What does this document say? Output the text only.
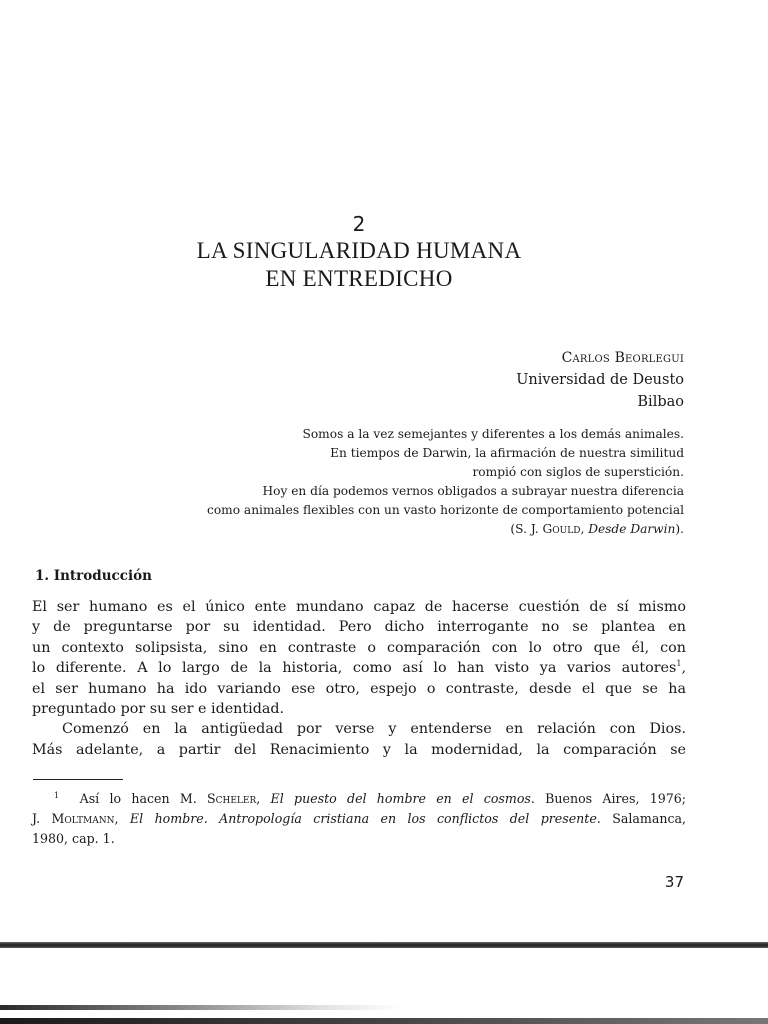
2
LA SINGULARIDAD HUMANA
EN ENTREDICHO
Carlos Beorlegui
Universidad de Deusto
Bilbao
Somos a la vez semejantes y diferentes a los demás animales.
En tiempos de Darwin, la afirmación de nuestra similitud
rompió con siglos de superstición.
Hoy en día podemos vernos obligados a subrayar nuestra diferencia
como animales flexibles con un vasto horizonte de comportamiento potencial
(S. J. Gould, Desde Darwin).
1. Introducción
El ser humano es el único ente mundano capaz de hacerse cuestión de sí mismo
y de preguntarse por su identidad. Pero dicho interrogante no se plantea en
un contexto solipsista, sino en contraste o comparación con lo otro que él, con
lo diferente. A lo largo de la historia, como así lo han visto ya varios autores$^1$,
el ser humano ha ido variando ese otro, espejo o contraste, desde el que se ha
preguntado por su ser e identidad.
Comenzó en la antigüedad por verse y entenderse en relación con Dios.
Más adelante, a partir del Renacimiento y la modernidad, la comparación se
$^1$ Así lo hacen M. Scheler, El puesto del hombre en el cosmos. Buenos Aires, 1976;
J. Moltmann, El hombre. Antropología cristiana en los conflictos del presente. Salamanca,
1980, cap. 1.
37
